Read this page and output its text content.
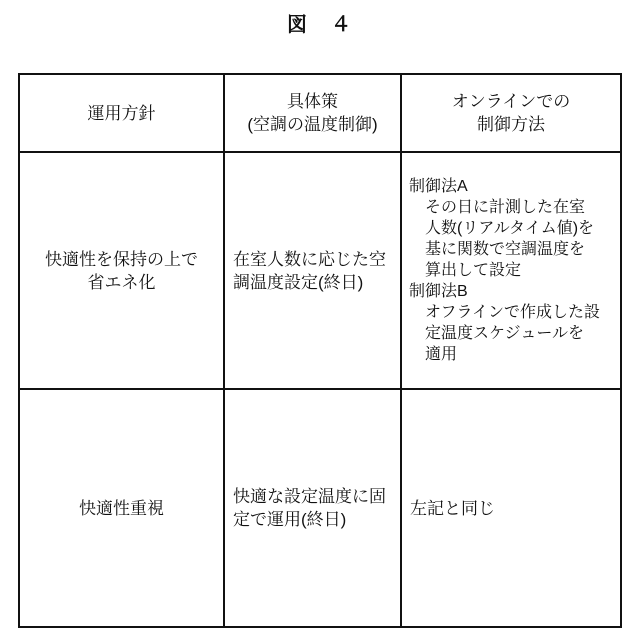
図　４
運用方針
具体策
(空調の温度制御)
オンラインでの
制御方法
快適性を保持の上で
省エネ化
在室人数に応じた空
調温度設定(終日)
制御法A
　その日に計測した在室
　人数(リアルタイム値)を
　基に関数で空調温度を
　算出して設定
制御法B
　オフラインで作成した設
　定温度スケジュールを
　適用
快適性重視
快適な設定温度に固
定で運用(終日)
左記と同じ
